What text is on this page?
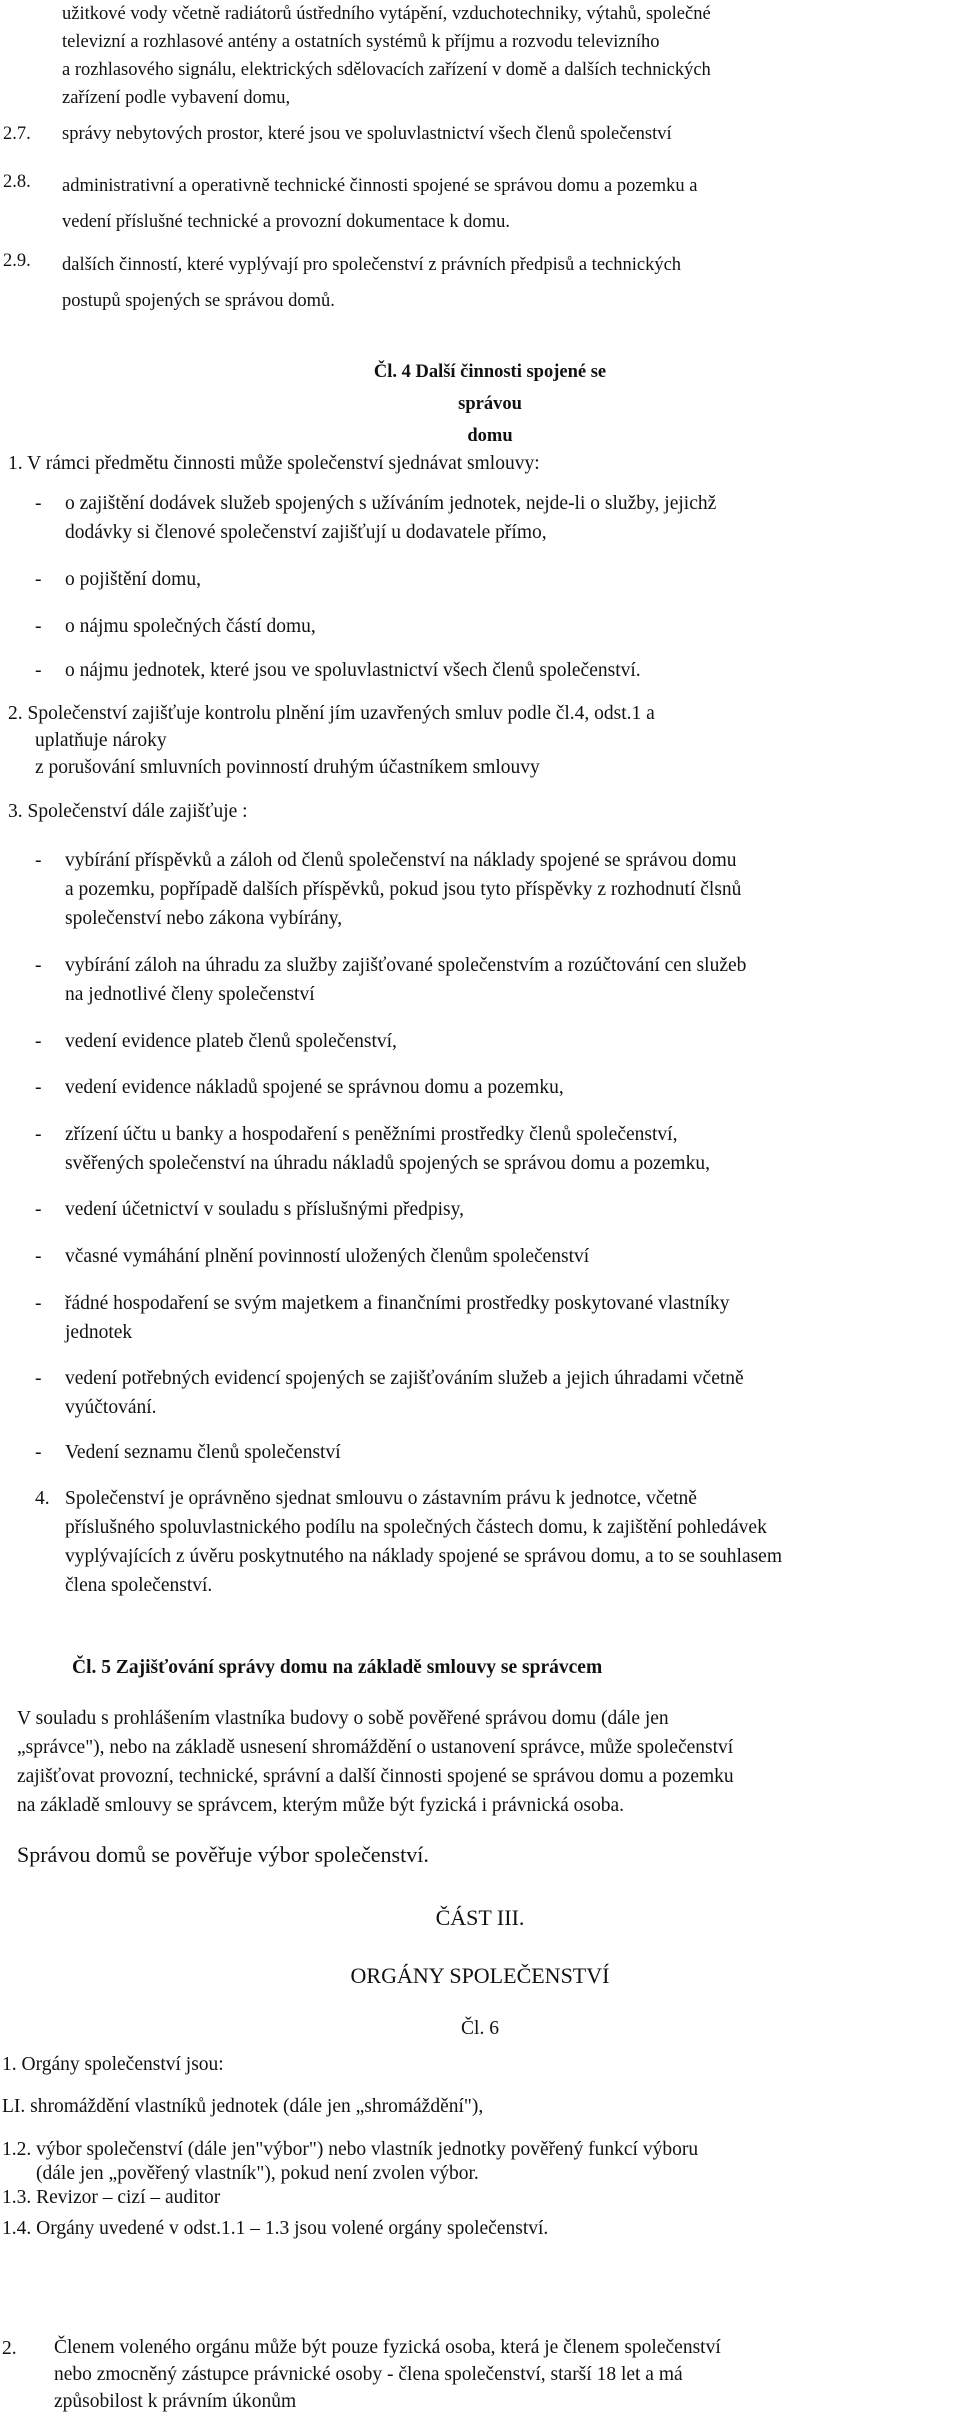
užitkové vody včetně radiátorů ústředního vytápění, vzduchotechniky, výtahů, společné
televizní a rozhlasové antény a ostatních systémů k příjmu a rozvodu televizního
a rozhlasového signálu, elektrických sdělovacích zařízení v domě a dalších technických
zařízení podle vybavení domu,
2.7. správy nebytových prostor, které jsou ve spoluvlastnictví všech členů společenství
2.8. administrativní a operativně technické činnosti spojené se správou domu a pozemku a
vedení příslušné technické a provozní dokumentace k domu.
2.9. dalších činností, které vyplývají pro společenství z právních předpisů a technických
postupů spojených se správou domů.
Čl. 4 Další činnosti spojené se správou
domu
1. V rámci předmětu činnosti může společenství sjednávat smlouvy:
-	o zajištění dodávek služeb spojených s užíváním jednotek, nejde-li o služby, jejichž
dodávky si členové společenství zajišťují u dodavatele přímo,
-	o pojištění domu,
-	o nájmu společných částí domu,
-	o nájmu jednotek, které jsou ve spoluvlastnictví všech členů společenství.
2. Společenství zajišťuje kontrolu plnění jím uzavřených smluv podle čl.4, odst.1 a
uplatňuje nároky
z porušování smluvních povinností druhým účastníkem smlouvy
3. Společenství dále zajišťuje :
-	vybírání příspěvků a záloh od členů společenství na náklady spojené se správou domu
a pozemku, popřípadě dalších příspěvků, pokud jsou tyto příspěvky z rozhodnutí člsnů
společenství nebo zákona vybírány,
-	vybírání záloh na úhradu za služby zajišťované společenstvím a rozúčtování cen služeb
na jednotlivé členy společenství
-	vedení evidence plateb členů společenství,
-	vedení evidence nákladů spojené se správnou domu a pozemku,
-	zřízení účtu u banky a hospodaření s peněžními prostředky členů společenství,
svěřených společenství na úhradu nákladů spojených se správou domu a pozemku,
-	vedení účetnictví v souladu s příslušnými předpisy,
-	včasné vymáhání plnění povinností uložených členům společenství
-	řádné hospodaření se svým majetkem a finančními prostředky poskytované vlastníky
jednotek
-	vedení potřebných evidencí spojených se zajišťováním služeb a jejich úhradami včetně
vyúčtování.
-	Vedení seznamu členů společenství
4. Společenství je oprávněno sjednat smlouvu o zástavním právu k jednotce, včetně
příslušného spoluvlastnického podílu na společných částech domu, k zajištění pohledávek
vyplývajících z úvěru poskytnutého na náklady spojené se správou domu, a to se souhlasem
člena společenství.
Čl. 5 Zajišťování správy domu na základě smlouvy se správcem
V souladu s prohlášením vlastníka budovy o sobě pověřené správou domu (dále jen
„správce"), nebo na základě usnesení shromáždění o ustanovení správce, může společenství
zajišťovat provozní, technické, správní a další činnosti spojené se správou domu a pozemku
na základě smlouvy se správcem, kterým může být fyzická i právnická osoba.
Správou domů se pověřuje výbor společenství.
ČÁST III.
ORGÁNY SPOLEČENSTVÍ
Čl. 6
1. Orgány společenství jsou:
LI. shromáždění vlastníků jednotek (dále jen „shromáždění"),
1.2. výbor společenství (dále jen"výbor") nebo vlastník jednotky pověřený funkcí výboru
(dále jen „pověřený vlastník"), pokud není zvolen výbor.
1.3. Revizor – cizí – auditor
1.4. Orgány uvedené v odst.1.1 – 1.3 jsou volené orgány společenství.
2. Členem voleného orgánu může být pouze fyzická osoba, která je členem společenství
nebo zmocněný zástupce právnické osoby - člena společenství, starší 18 let a má
způsobilost k právním úkonům
